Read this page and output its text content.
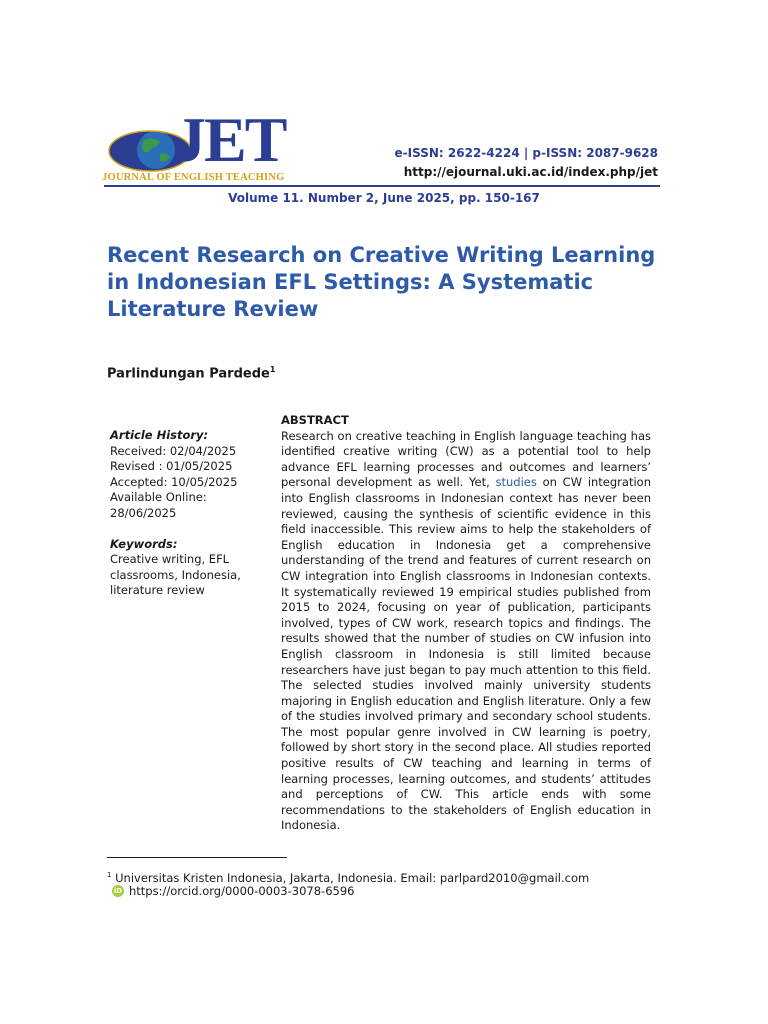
JET
JOURNAL OF ENGLISH TEACHING
e-ISSN: 2622-4224 | p-ISSN: 2087-9628
http://ejournal.uki.ac.id/index.php/jet
Volume 11. Number 2, June 2025, pp. 150-167
Recent Research on Creative Writing Learning in Indonesian EFL Settings: A Systematic Literature Review
Parlindungan Pardede$^1$
Article History:
Received: 02/04/2025
Revised : 01/05/2025
Accepted: 10/05/2025
Available Online:
28/06/2025
Keywords:
Creative writing, EFL classrooms, Indonesia, literature review
ABSTRACT
Research on creative teaching in English language teaching has identified creative writing (CW) as a potential tool to help advance EFL learning processes and outcomes and learners’ personal development as well. Yet, studies on CW integration into English classrooms in Indonesian context has never been reviewed, causing the synthesis of scientific evidence in this field inaccessible. This review aims to help the stakeholders of English education in Indonesia get a comprehensive understanding of the trend and features of current research on CW integration into English classrooms in Indonesian contexts. It systematically reviewed 19 empirical studies published from 2015 to 2024, focusing on year of publication, participants involved, types of CW work, research topics and findings. The results showed that the number of studies on CW infusion into English classroom in Indonesia is still limited because researchers have just began to pay much attention to this field. The selected studies involved mainly university students majoring in English education and English literature. Only a few of the studies involved primary and secondary school students. The most popular genre involved in CW learning is poetry, followed by short story in the second place. All studies reported positive results of CW teaching and learning in terms of learning processes, learning outcomes, and students’ attitudes and perceptions of CW. This article ends with some recommendations to the stakeholders of English education in Indonesia.
$^1$ Universitas Kristen Indonesia, Jakarta, Indonesia. Email: parlpard2010@gmail.com
iD https://orcid.org/0000-0003-3078-6596
